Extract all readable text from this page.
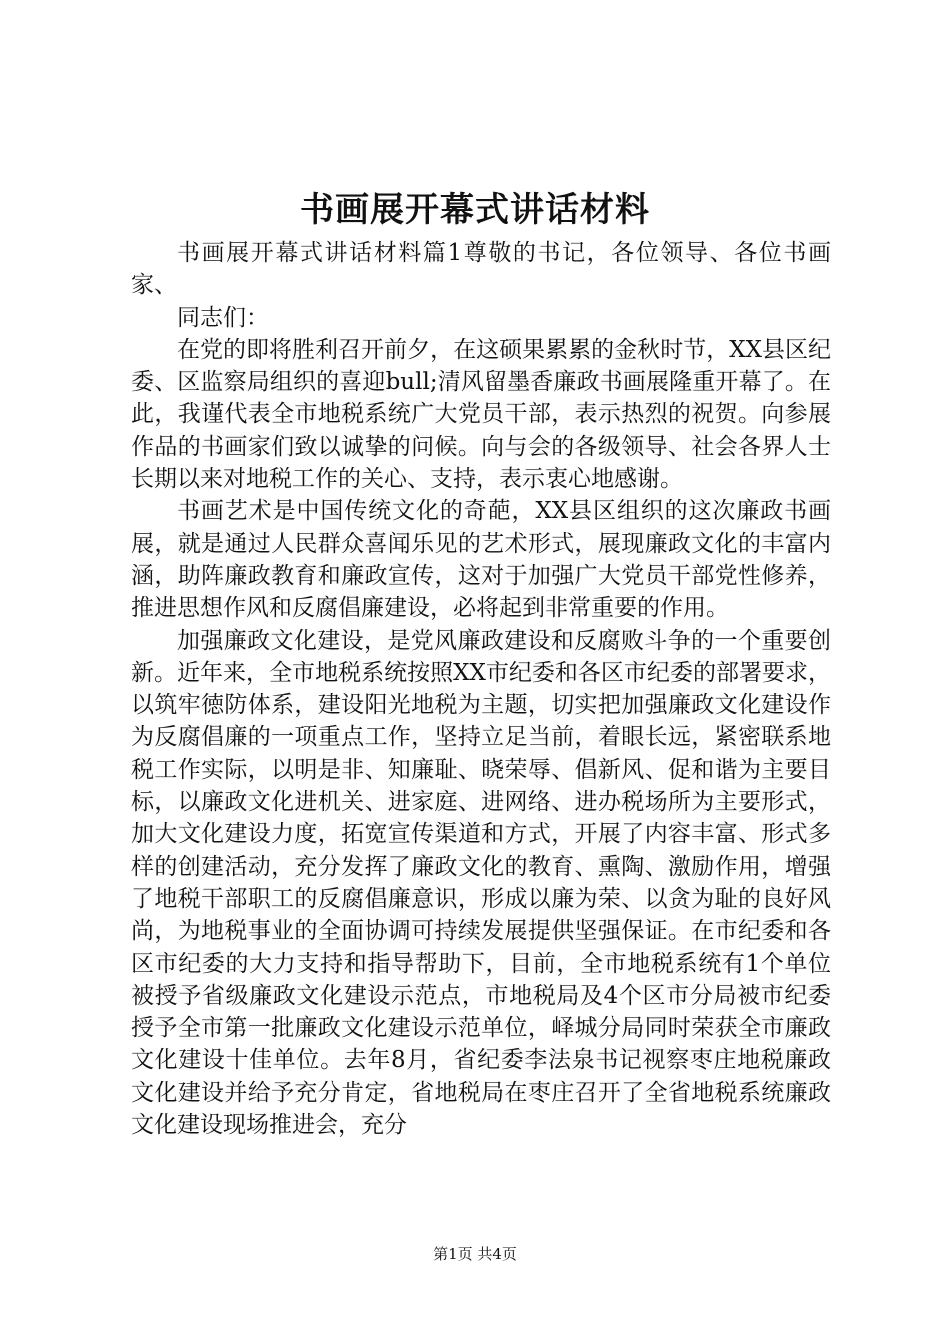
书画展开幕式讲话材料

书画展开幕式讲话材料篇1尊敬的书记，各位领导、各位书画家、

同志们：

在党的即将胜利召开前夕，在这硕果累累的金秋时节，XX县区纪委、区监察局组织的喜迎bull;清风留墨香廉政书画展隆重开幕了。在此，我谨代表全市地税系统广大党员干部，表示热烈的祝贺。向参展作品的书画家们致以诚挚的问候。向与会的各级领导、社会各界人士长期以来对地税工作的关心、支持，表示衷心地感谢。

书画艺术是中国传统文化的奇葩，XX县区组织的这次廉政书画展，就是通过人民群众喜闻乐见的艺术形式，展现廉政文化的丰富内涵，助阵廉政教育和廉政宣传，这对于加强广大党员干部党性修养，推进思想作风和反腐倡廉建设，必将起到非常重要的作用。

加强廉政文化建设，是党风廉政建设和反腐败斗争的一个重要创新。近年来，全市地税系统按照XX市纪委和各区市纪委的部署要求，以筑牢徳防体系，建设阳光地税为主题，切实把加强廉政文化建设作为反腐倡廉的一项重点工作，坚持立足当前，着眼长远，紧密联系地税工作实际，以明是非、知廉耻、晓荣辱、倡新风、促和谐为主要目标，以廉政文化进机关、进家庭、进网络、进办税场所为主要形式，加大文化建设力度，拓宽宣传渠道和方式，开展了内容丰富、形式多样的创建活动，充分发挥了廉政文化的教育、熏陶、激励作用，增强了地税干部职工的反腐倡廉意识，形成以廉为荣、以贪为耻的良好风尚，为地税事业的全面协调可持续发展提供坚强保证。在市纪委和各区市纪委的大力支持和指导帮助下，目前，全市地税系统有1个单位被授予省级廉政文化建设示范点，市地税局及4个区市分局被市纪委授予全市第一批廉政文化建设示范单位，峄城分局同时荣获全市廉政文化建设十佳单位。去年8月，省纪委李法泉书记视察枣庄地税廉政文化建设并给予充分肯定，省地税局在枣庄召开了全省地税系统廉政文化建设现场推进会，充分

第1页 共4页
